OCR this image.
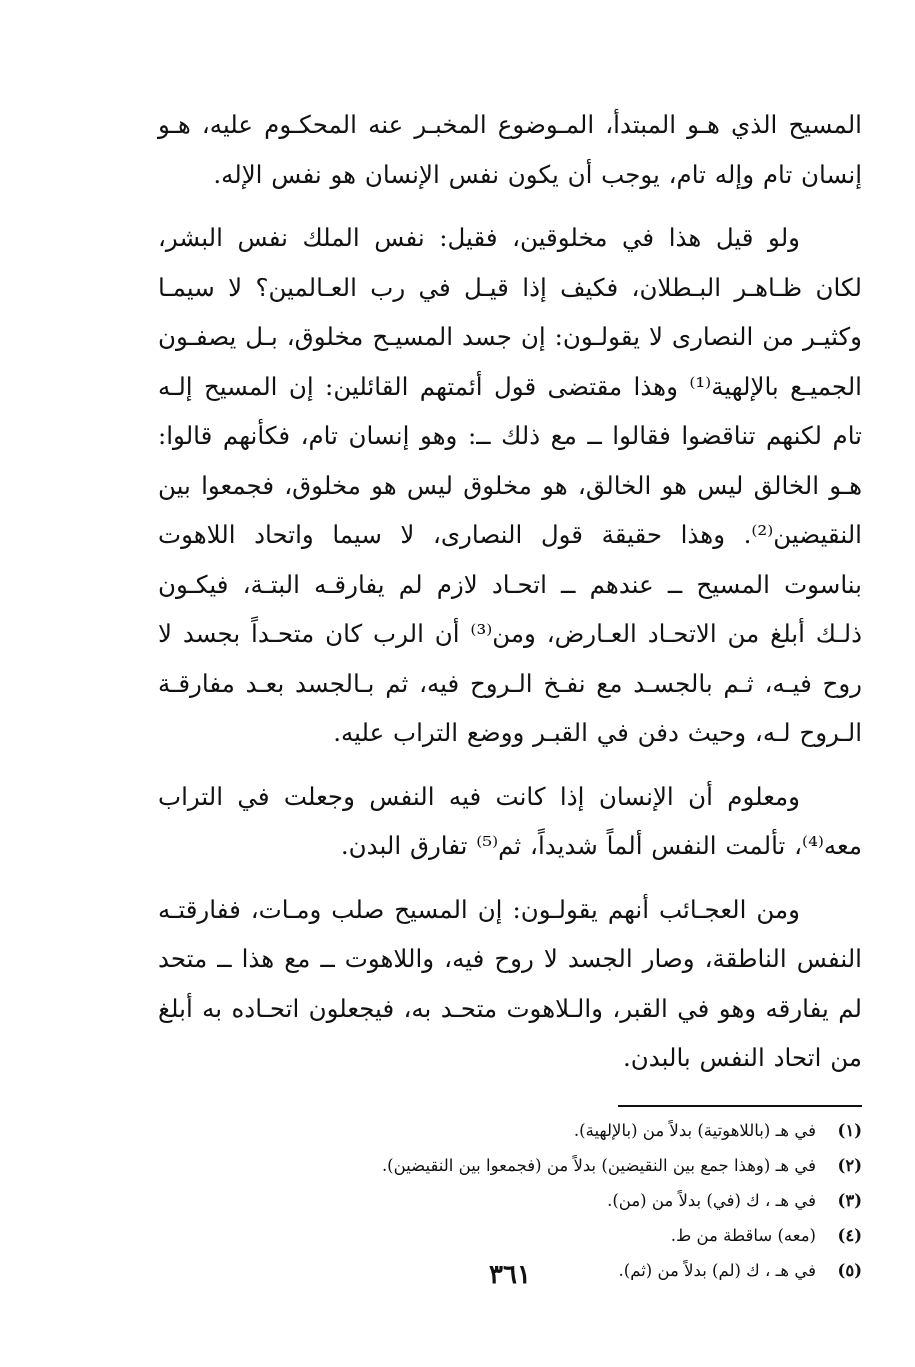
المسيح الذي هـو المبتدأ، المـوضوع المخبـر عنه المحكـوم عليه، هـو إنسان تام وإله تام، يوجب أن يكون نفس الإنسان هو نفس الإله.

ولو قيل هذا في مخلوقين، فقيل: نفس الملك نفس البشر، لكان ظـاهـر البـطلان، فكيف إذا قيـل في رب العـالمين؟ لا سيمـا وكثيـر من النصارى لا يقولـون: إن جسد المسيـح مخلوق، بـل يصفـون الجميـع بالإلهية⁽¹⁾ وهذا مقتضى قول أئمتهم القائلين: إن المسيح إلـه تام لكنهم تناقضوا فقالوا ــ مع ذلك ــ: وهو إنسان تام، فكأنهم قالوا: هـو الخالق ليس هو الخالق، هو مخلوق ليس هو مخلوق، فجمعوا بين النقيضين⁽²⁾. وهذا حقيقة قول النصارى، لا سيما واتحاد اللاهوت بناسوت المسيح ــ عندهم ــ اتحـاد لازم لم يفارقـه البتـة، فيكـون ذلـك أبلغ من الاتحـاد العـارض، ومن⁽³⁾ أن الرب كان متحـداً بجسد لا روح فيـه، ثـم بالجسـد مع نفـخ الـروح فيه، ثم بـالجسد بعـد مفارقـة الـروح لـه، وحيث دفن في القبـر ووضع التراب عليه.

ومعلوم أن الإنسان إذا كانت فيه النفس وجعلت في التراب معه⁽⁴⁾، تألمت النفس ألماً شديداً، ثم⁽⁵⁾ تفارق البدن.

ومن العجـائب أنهم يقولـون: إن المسيح صلب ومـات، ففارقتـه النفس الناطقة، وصار الجسد لا روح فيه، واللاهوت ــ مع هذا ــ متحد لم يفارقه وهو في القبر، والـلاهوت متحـد به، فيجعلون اتحـاده به أبلغ من اتحاد النفس بالبدن.

(١)
في هـ (باللاهوتية) بدلاً من (بالإلهية).
(٢)
في هـ (وهذا جمع بين النقيضين) بدلاً من (فجمعوا بين النقيضين).
(٣)
في هـ ، ك (في) بدلاً من (من).
(٤)
(معه) ساقطة من ط.
(٥)
في هـ ، ك (لم) بدلاً من (ثم).
٣٦١
